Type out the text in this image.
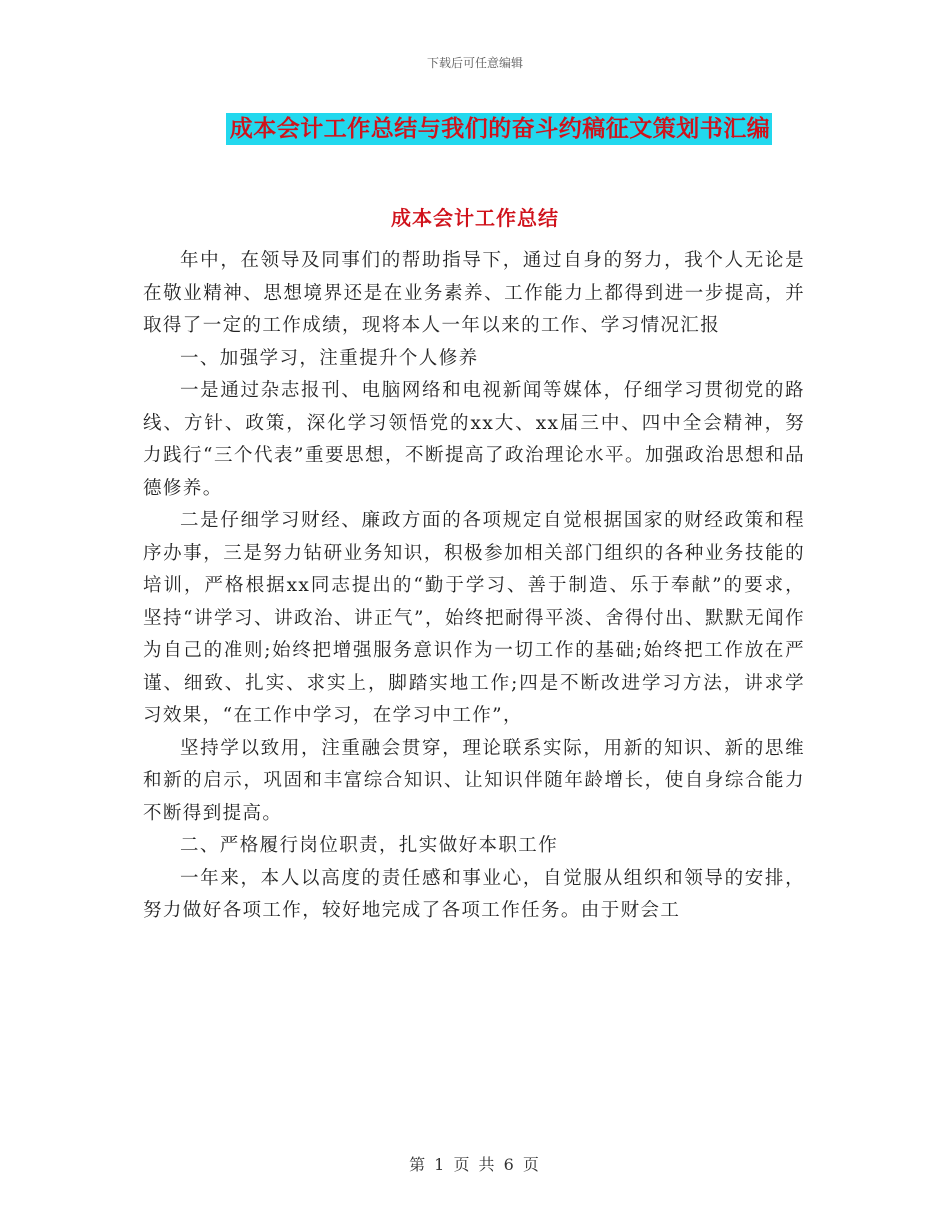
下载后可任意编辑
成本会计工作总结与我们的奋斗约稿征文策划书汇编
成本会计工作总结

年中，在领导及同事们的帮助指导下，通过自身的努力，我个人无论是在敬业精神、思想境界还是在业务素养、工作能力上都得到进一步提高，并取得了一定的工作成绩，现将本人一年以来的工作、学习情况汇报

一、加强学习，注重提升个人修养

一是通过杂志报刊、电脑网络和电视新闻等媒体，仔细学习贯彻党的路线、方针、政策，深化学习领悟党的xx大、xx届三中、四中全会精神，努力践行“三个代表”重要思想，不断提高了政治理论水平。加强政治思想和品德修养。

二是仔细学习财经、廉政方面的各项规定自觉根据国家的财经政策和程序办事，三是努力钻研业务知识，积极参加相关部门组织的各种业务技能的培训，严格根据xx同志提出的“勤于学习、善于制造、乐于奉献”的要求，坚持“讲学习、讲政治、讲正气”，始终把耐得平淡、舍得付出、默默无闻作为自己的准则;始终把增强服务意识作为一切工作的基础;始终把工作放在严谨、细致、扎实、求实上，脚踏实地工作;四是不断改进学习方法，讲求学习效果，“在工作中学习，在学习中工作”，

坚持学以致用，注重融会贯穿，理论联系实际，用新的知识、新的思维和新的启示，巩固和丰富综合知识、让知识伴随年龄增长，使自身综合能力不断得到提高。

二、严格履行岗位职责，扎实做好本职工作

一年来，本人以高度的责任感和事业心，自觉服从组织和领导的安排，努力做好各项工作，较好地完成了各项工作任务。由于财会工

第 1 页 共 6 页
